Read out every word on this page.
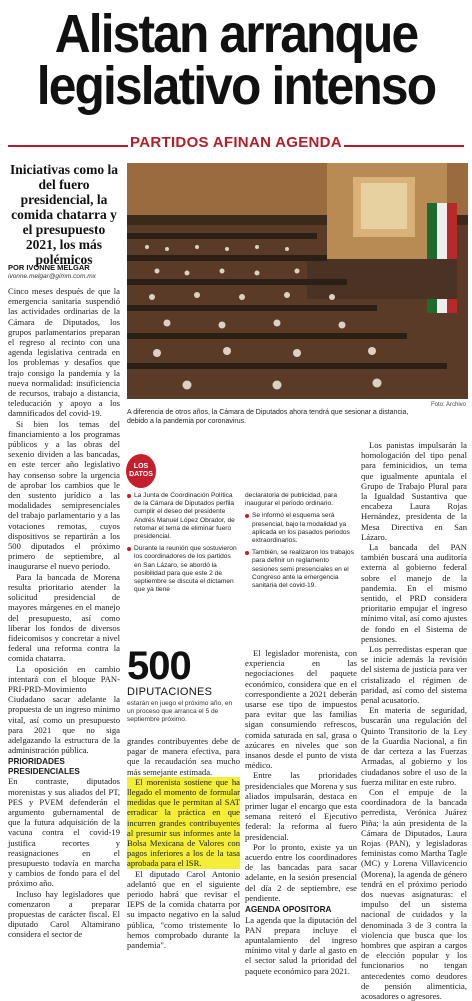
Alistan arranque legislativo intenso
PARTIDOS AFINAN AGENDA
Iniciativas como la del fuero presidencial, la comida chatarra y el presupuesto 2021, los más polémicos
POR IVONNE MELGAR
ivonne.melgar@gimm.com.mx
Foto: Archivo
A diferencia de otros años, la Cámara de Diputados ahora tendrá que sesionar a distancia, debido a la pandemia por coronavirus.

Cinco meses después de que la emergencia sanitaria suspendió las actividades ordinarias de la Cámara de Diputados, los grupos parlamentarios preparan el regreso al recinto con una agenda legislativa centrada en los problemas y desafíos que trajo consigo la pandemia y la nueva normalidad: insuficiencia de recursos, trabajo a distancia, teleducación y apoyo a los damnificados del covid-19.

Si bien los temas del financiamiento a los programas públicos y a las obras del sexenio dividen a las bancadas, en este tercer año legislativo hay consenso sobre la urgencia de aprobar los cambios que le den sustento jurídico a las modalidades semipresenciales del trabajo parlamentario y a las votaciones remotas, cuyos dispositivos se repartirán a los 500 diputados el próximo primero de septiembre, al inaugurarse el nuevo periodo.

Para la bancada de Morena resulta prioritario atender la solicitud presidencial de mayores márgenes en el manejo del presupuesto, así como liberar los fondos de diversos fideicomisos y concretar a nivel federal una reforma contra la comida chatarra.

La oposición en cambio intentará con el bloque PAN-PRI-PRD-Movimiento Ciudadano sacar adelante la propuesta de un ingreso mínimo vital, así como un presupuesto para 2021 que no siga adelgazando la estructura de la administración pública.

PRIORIDADES PRESIDENCIALES

En contraste, diputados morenistas y sus aliados del PT, PES y PVEM defenderán el argumento gubernamental de que la futura adquisición de la vacuna contra el covid-19 justifica recortes y reasignaciones en el presupuesto todavía en marcha y cambios de fondo para el del próximo año.

Incluso hay legisladores que comenzaron a preparar propuestas de carácter fiscal. El diputado Carol Altamirano considera el sector de

LOS DATOS
La Junta de Coordinación Política de la Cámara de Diputados perfila cumplir el deseo del presidente Andrés Manuel López Obrador, de retomar el tema de eliminar fuero presidencial.
Durante la reunión que sostuvieron los coordinadores de los partidos en San Lázaro, se abordó la posibilidad para que este 2 de septiembre se discuta el dictamen que ya tiene
declaratoria de publicidad, para inaugurar el periodo ordinario.
Se informó el esquema será presencial, bajo la modalidad ya aplicada en los pasados periodos extraordinarios.
También, se realizaron los trabajos para definir un reglamento sesiones semi presenciales en el Congreso ante la emergencia sanitaria del covid-19.
500
DIPUTACIONES
estarán en juego el próximo año, en un proceso que arranca el 5 de septiembre próximo.

grandes contribuyentes debe de pagar de manera efectiva, para que la recaudación sea mucho más semejante estimada.

El morenista sostiene que ha llegado el momento de formular medidas que le permitan al SAT erradicar la práctica en que incurren grandes contribuyentes al presumir sus informes ante la Bolsa Mexicana de Valores con pagos inferiores a los de la tasa aprobada para el ISR.

El diputado Carol Antonio adelantó que en el siguiente periodo habrá que revisar el IEPS de la comida chatarra por su impacto negativo en la salud pública, "como tristemente lo hemos comprobado durante la pandemia".

El legislador morenista, con experiencia en las negociaciones del paquete económico, considera que en el correspondiente a 2021 deberán usarse ese tipo de impuestos para evitar que las familias sigan consumiendo refrescos, comida saturada en sal, grasa o azúcares en niveles que son insanos desde el punto de vista médico.

Entre las prioridades presidenciales que Morena y sus aliados impulsarán, destaca en primer lugar el encargo que esta semana reiteró el Ejecutivo federal: la reforma al fuero presidencial.

Por lo pronto, existe ya un acuerdo entre los coordinadores de las bancadas para sacar adelante, en la sesión presencial del día 2 de septiembre, ese pendiente.

AGENDA OPOSITORA

La agenda que la diputación del PAN prepara incluye el apuntalamiento del ingreso mínimo vital y darle al gasto en el sector salud la prioridad del paquete económico para 2021.

Los panistas impulsarán la homologación del tipo penal para feminicidios, un tema que igualmente apuntala el Grupo de Trabajo Plural para la Igualdad Sustantiva que encabeza Laura Rojas Hernández, presidenta de la Mesa Directiva en San Lázaro.

La bancada del PAN también buscará una auditoría externa al gobierno federal sobre el manejo de la pandemia. En el mismo sentido, el PRD considera prioritario empujar el ingreso mínimo vital, así como ajustes de fondo en el Sistema de pensiones.

Los perredistas esperan que se inicie además la revisión del sistema de justicia para ver cristalizado el régimen de paridad, así como del sistema penal acusatorio.

En materia de seguridad, buscarán una regulación del Quinto Transitorio de la Ley de la Guardia Nacional, a fin de dar certeza a las Fuerzas Armadas, al gobierno y los ciudadanos sobre el uso de la fuerza militar en este rubro.

Con el empuje de la coordinadora de la bancada perredista, Verónica Juárez Piña; la aún presidenta de la Cámara de Diputados, Laura Rojas (PAN), y legisladoras feministas como Martha Tagle (MC) y Lorena Villavicencio (Morena), la agenda de género tendrá en el próximo periodo dos nuevas asignaturas: el impulso del un sistema nacional de cuidados y la denominada 3 de 3 contra la violencia que busca que los hombres que aspiran a cargos de elección popular y los funcionarios no tengan antecedentes como deudores de pensión alimenticia, acosadores o agresores.
